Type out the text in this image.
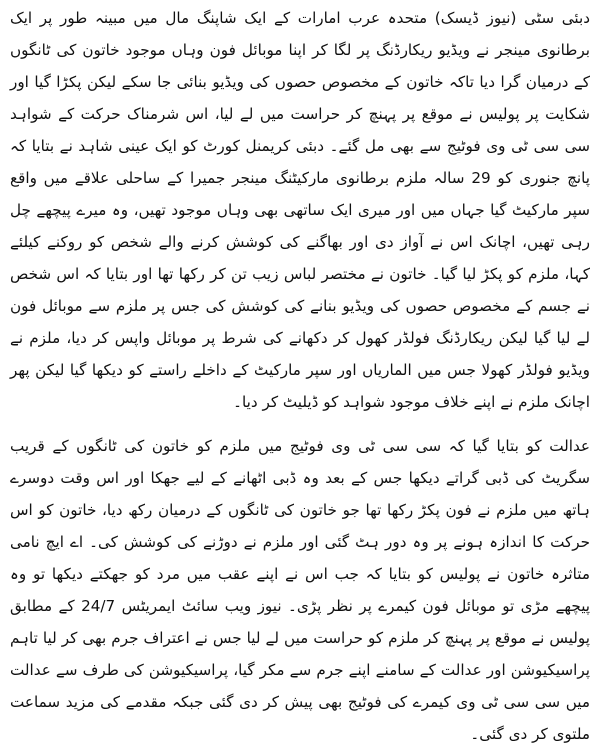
دبئی سٹی (نیوز ڈیسک) متحدہ عرب امارات کے ایک شاپنگ مال میں مبینہ طور پر ایک برطانوی مینجر نے ویڈیو ریکارڈنگ پر لگا کر اپنا موبائل فون وہاں موجود خاتون کی ٹانگوں کے درمیان گرا دیا تاکہ خاتون کے مخصوص حصوں کی ویڈیو بنائی جا سکے لیکن پکڑا گیا اور شکایت پر پولیس نے موقع پر پہنچ کر حراست میں لے لیا، اس شرمناک حرکت کے شواہد سی سی ٹی وی فوٹیج سے بھی مل گئے۔ دبئی کریمنل کورٹ کو ایک عینی شاہد نے بتایا کہ پانچ جنوری کو 29 سالہ ملزم برطانوی مارکیٹنگ مینجر جمیرا کے ساحلی علاقے میں واقع سپر مارکیٹ گیا جہاں میں اور میری ایک ساتھی بھی وہاں موجود تھیں، وہ میرے پیچھے چل رہی تھیں، اچانک اس نے آواز دی اور بھاگنے کی کوشش کرنے والے شخص کو روکنے کیلئے کہا، ملزم کو پکڑ لیا گیا۔ خاتون نے مختصر لباس زیب تن کر رکھا تھا اور بتایا کہ اس شخص نے جسم کے مخصوص حصوں کی ویڈیو بنانے کی کوشش کی جس پر ملزم سے موبائل فون لے لیا گیا لیکن ریکارڈنگ فولڈر کھول کر دکھانے کی شرط پر موبائل واپس کر دیا، ملزم نے ویڈیو فولڈر کھولا جس میں الماریاں اور سپر مارکیٹ کے داخلے راستے کو دیکھا گیا لیکن پھر اچانک ملزم نے اپنے خلاف موجود شواہد کو ڈیلیٹ کر دیا۔

عدالت کو بتایا گیا کہ سی سی ٹی وی فوٹیج میں ملزم کو خاتون کی ٹانگوں کے قریب سگریٹ کی ڈبی گراتے دیکھا جس کے بعد وہ ڈبی اٹھانے کے لیے جھکا اور اس وقت دوسرے ہاتھ میں ملزم نے فون پکڑ رکھا تھا جو خاتون کی ٹانگوں کے درمیان رکھ دیا، خاتون کو اس حرکت کا اندازہ ہونے پر وہ دور ہٹ گئی اور ملزم نے دوڑنے کی کوشش کی۔ اے ایچ نامی متاثرہ خاتون نے پولیس کو بتایا کہ جب اس نے اپنے عقب میں مرد کو جھکتے دیکھا تو وہ پیچھے مڑی تو موبائل فون کیمرے پر نظر پڑی۔ نیوز ویب سائٹ ایمریٹس 24/7 کے مطابق پولیس نے موقع پر پہنچ کر ملزم کو حراست میں لے لیا جس نے اعتراف جرم بھی کر لیا تاہم پراسیکیوشن اور عدالت کے سامنے اپنے جرم سے مکر گیا، پراسیکیوشن کی طرف سے عدالت میں سی سی ٹی وی کیمرے کی فوٹیج بھی پیش کر دی گئی جبکہ مقدمے کی مزید سماعت ملتوی کر دی گئی۔
